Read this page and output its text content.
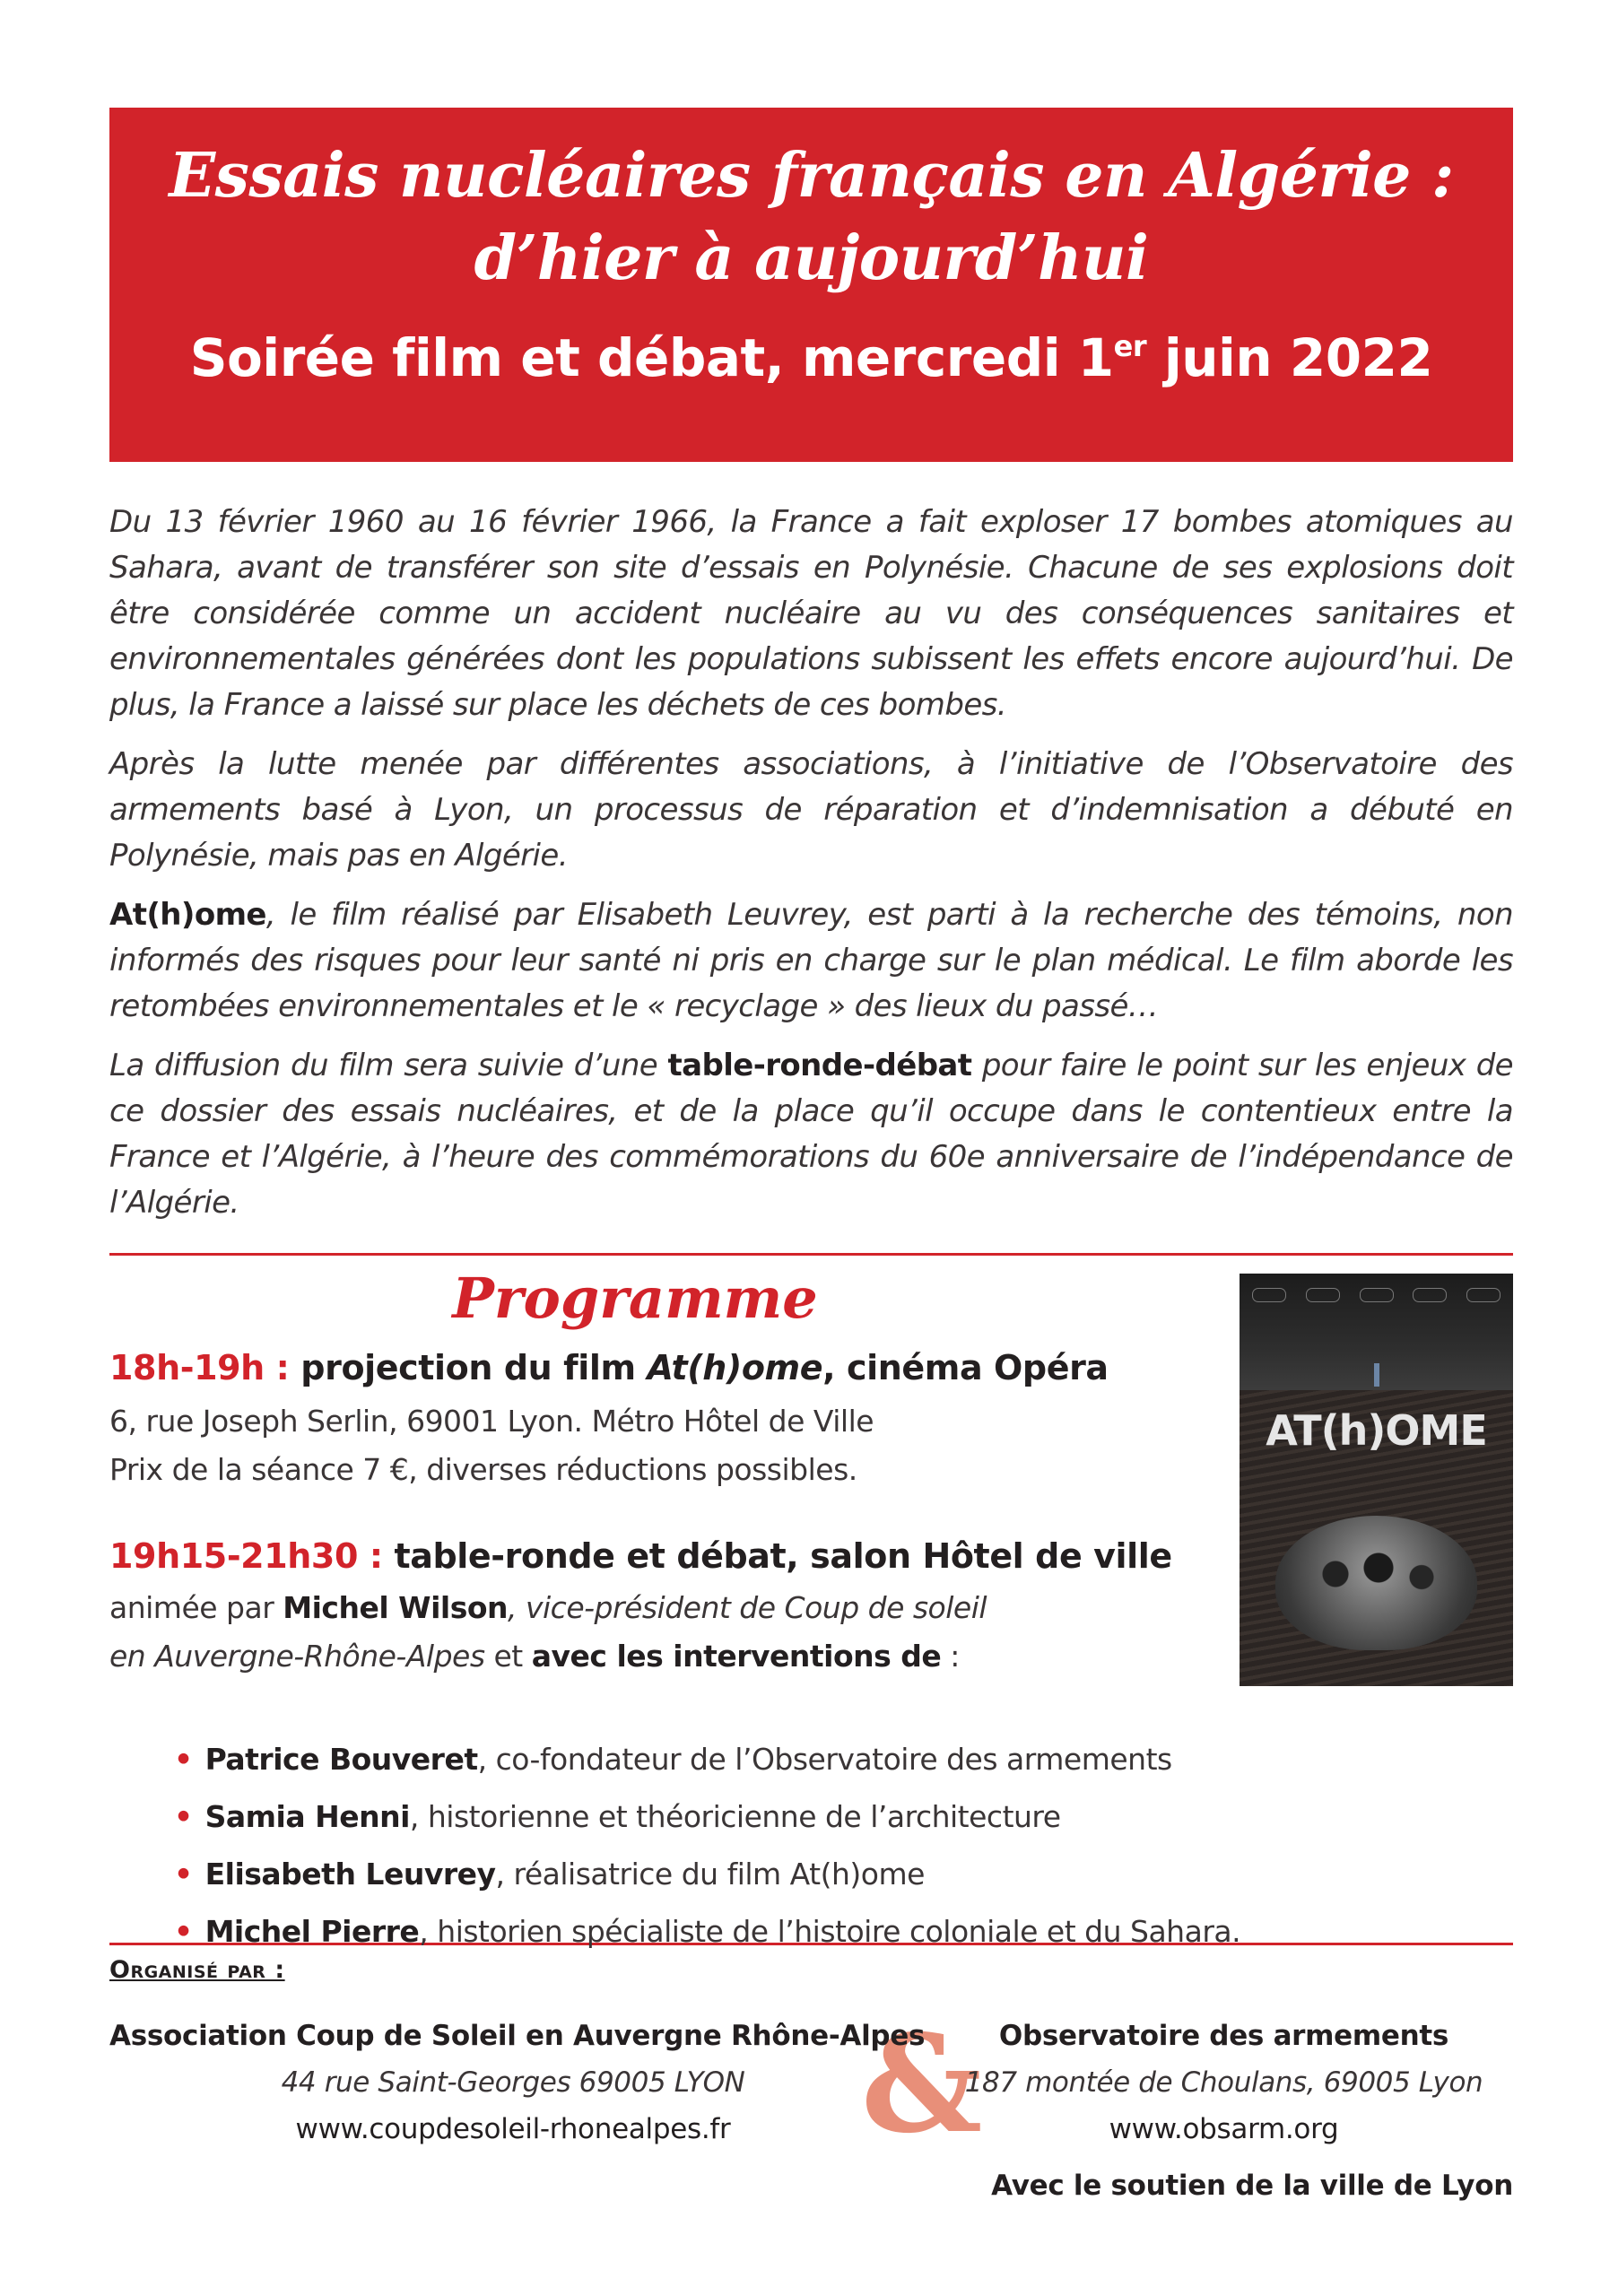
Essais nucléaires français en Algérie :
d’hier à aujourd’hui
Soirée film et débat, mercredi 1er juin 2022

Du 13 février 1960 au 16 février 1966, la France a fait exploser 17 bombes atomiques au Sahara, avant de transférer son site d’essais en Polynésie. Chacune de ses explosions doit être considérée comme un accident nucléaire au vu des conséquences sanitaires et environnementales générées dont les populations subissent les effets encore aujourd’hui. De plus, la France a laissé sur place les déchets de ces bombes.

Après la lutte menée par différentes associations, à l’initiative de l’Observatoire des armements basé à Lyon, un processus de réparation et d’indemnisation a débuté en Polynésie, mais pas en Algérie.

At(h)ome, le film réalisé par Elisabeth Leuvrey, est parti à la recherche des témoins, non informés des risques pour leur santé ni pris en charge sur le plan médical. Le film aborde les retombées environnementales et le « recyclage » des lieux du passé…

La diffusion du film sera suivie d’une table-ronde-débat pour faire le point sur les enjeux de ce dossier des essais nucléaires, et de la place qu’il occupe dans le contentieux entre la France et l’Algérie, à l’heure des commémorations du 60e anniversaire de l’indépendance de l’Algérie.

Programme
AT(h)OME
18h-19h : projection du film At(h)ome, cinéma Opéra
6, rue Joseph Serlin, 69001 Lyon. Métro Hôtel de Ville
Prix de la séance 7 €, diverses réductions possibles.
19h15-21h30 : table-ronde et débat, salon Hôtel de ville
animée par Michel Wilson, vice-président de Coup de soleil
en Auvergne-Rhône-Alpes et avec les interventions de :
• Patrice Bouveret, co-fondateur de l’Observatoire des armements
• Samia Henni, historienne et théoricienne de l’architecture
• Elisabeth Leuvrey, réalisatrice du film At(h)ome
• Michel Pierre, historien spécialiste de l’histoire coloniale et du Sahara.
Organisé par :
&
Association Coup de Soleil en Auvergne Rhône-Alpes
44 rue Saint-Georges 69005 LYON
www.coupdesoleil-rhonealpes.fr
Observatoire des armements
187 montée de Choulans, 69005 Lyon
www.obsarm.org
Avec le soutien de la ville de Lyon
